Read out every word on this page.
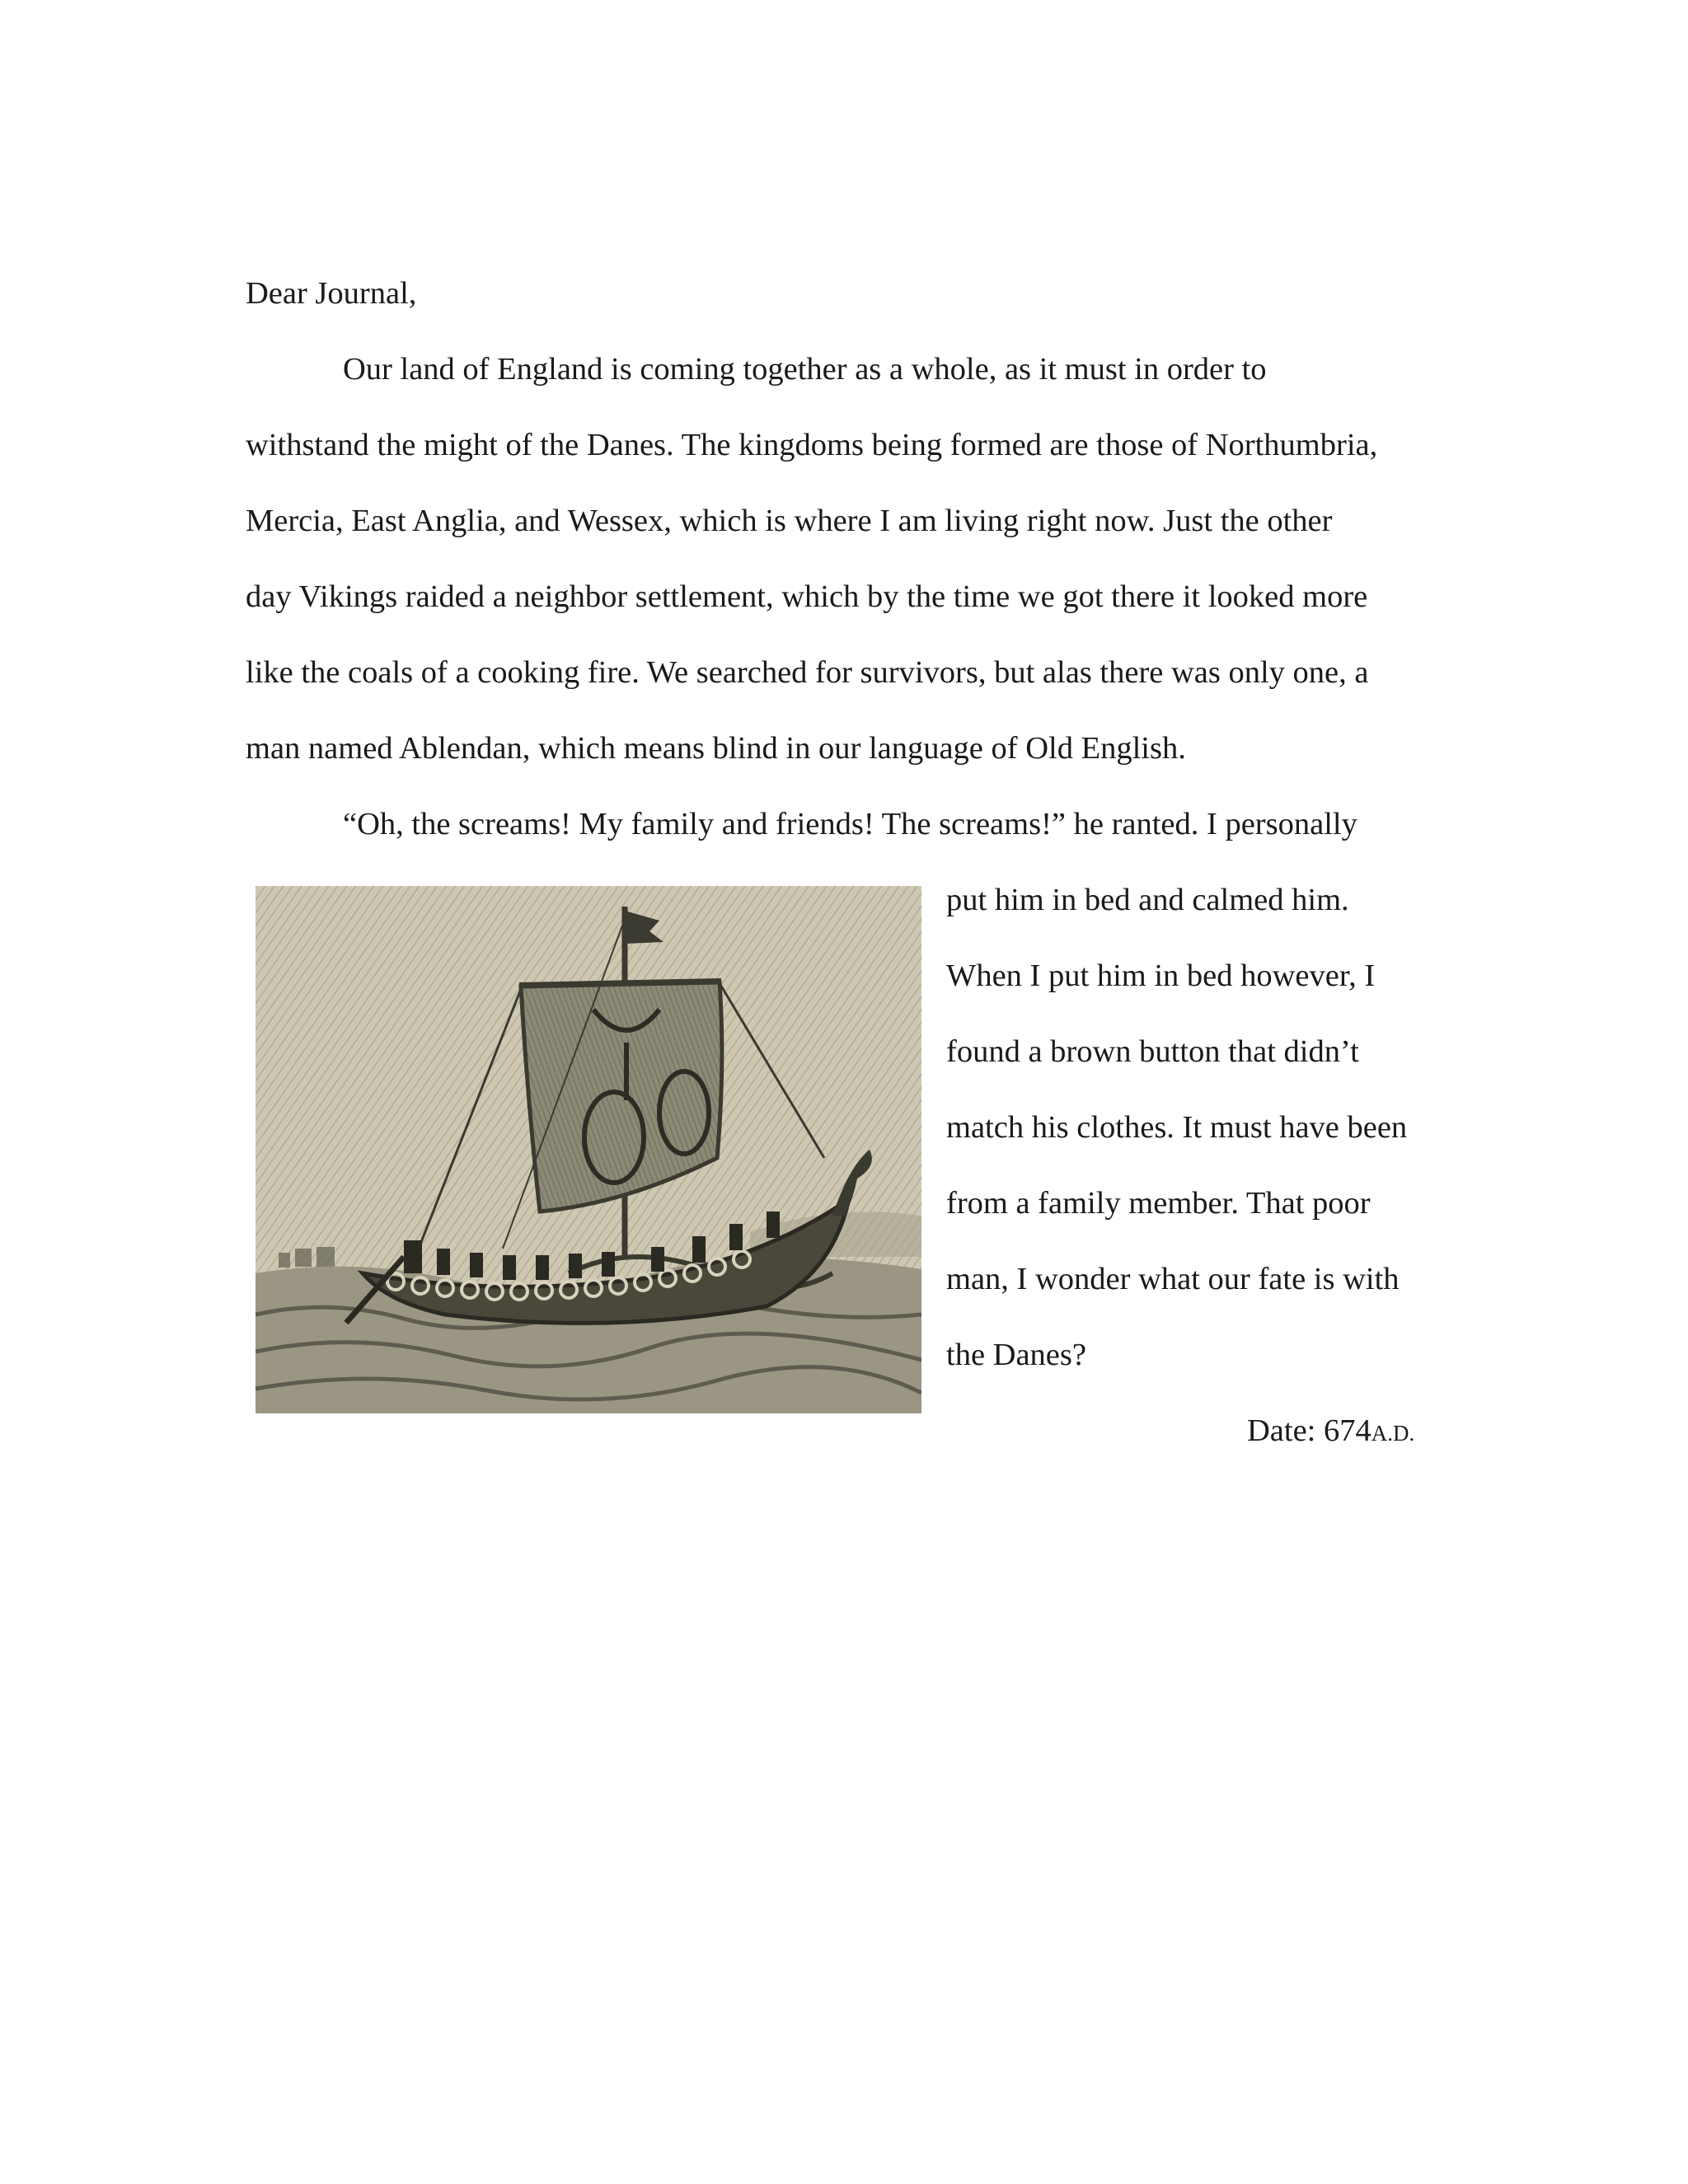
Dear Journal,
Our land of England is coming together as a whole, as it must in order to
withstand the might of the Danes. The kingdoms being formed are those of Northumbria,
Mercia, East Anglia, and Wessex, which is where I am living right now. Just the other
day Vikings raided a neighbor settlement, which by the time we got there it looked more
like the coals of a cooking fire. We searched for survivors, but alas there was only one, a
man named Ablendan, which means blind in our language of Old English.
“Oh, the screams! My family and friends! The screams!” he ranted. I personally
put him in bed and calmed him.
When I put him in bed however, I
found a brown button that didn’t
match his clothes. It must have been
from a family member. That poor
man, I wonder what our fate is with
the Danes?
Date: 674A.D.
